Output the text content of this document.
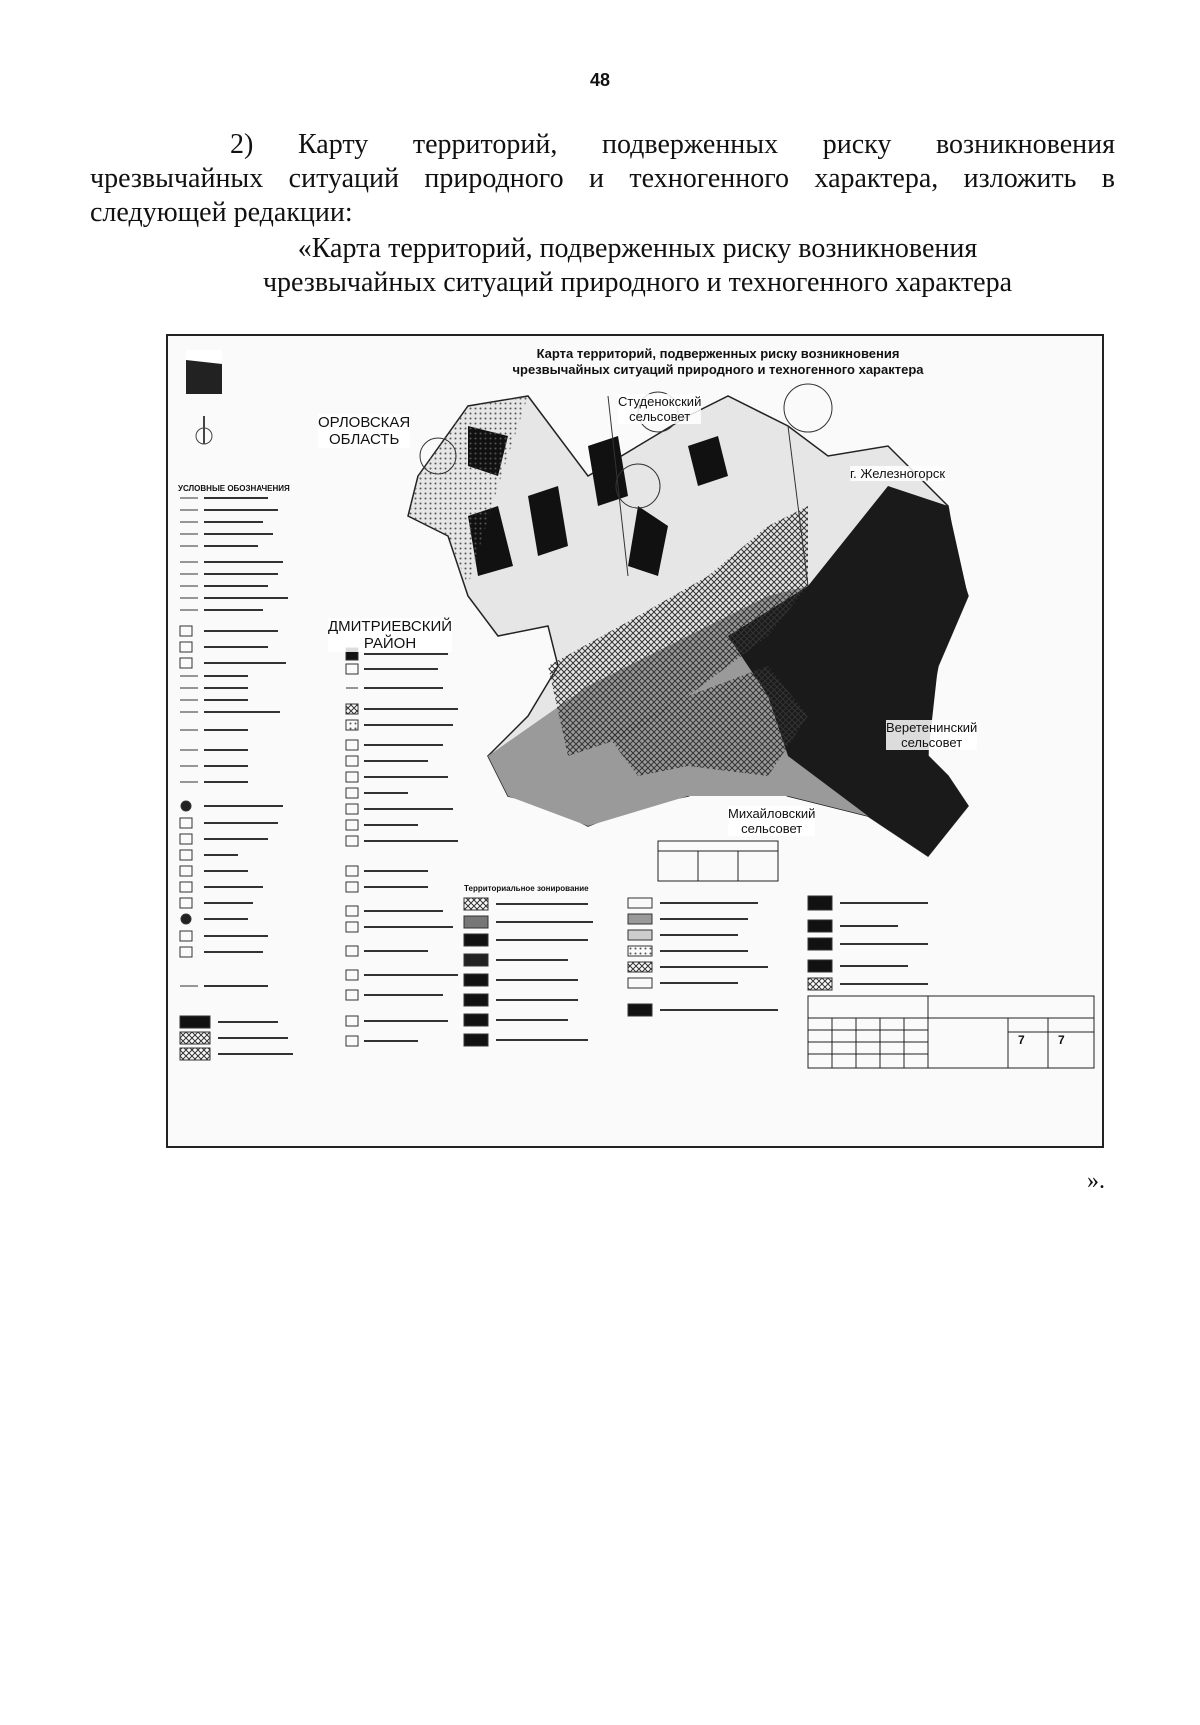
48
2) Карту территорий, подверженных риску возникновения
чрезвычайных ситуаций природного и техногенного характера, изложить в
следующей редакции:
«Карта территорий, подверженных риску возникновения
чрезвычайных ситуаций природного и техногенного характера
Карта территорий, подверженных риску возникновения
чрезвычайных ситуаций природного и техногенного характера
Студенокский
сельсовет
ОРЛОВСКАЯ
ОБЛАСТЬ
г. Железногорск
ДМИТРИЕВСКИЙ
РАЙОН
Веретенинский
сельсовет
Михайловский
сельсовет
УСЛОВНЫЕ ОБОЗНАЧЕНИЯ
Территориальное зонирование
7	7
».
